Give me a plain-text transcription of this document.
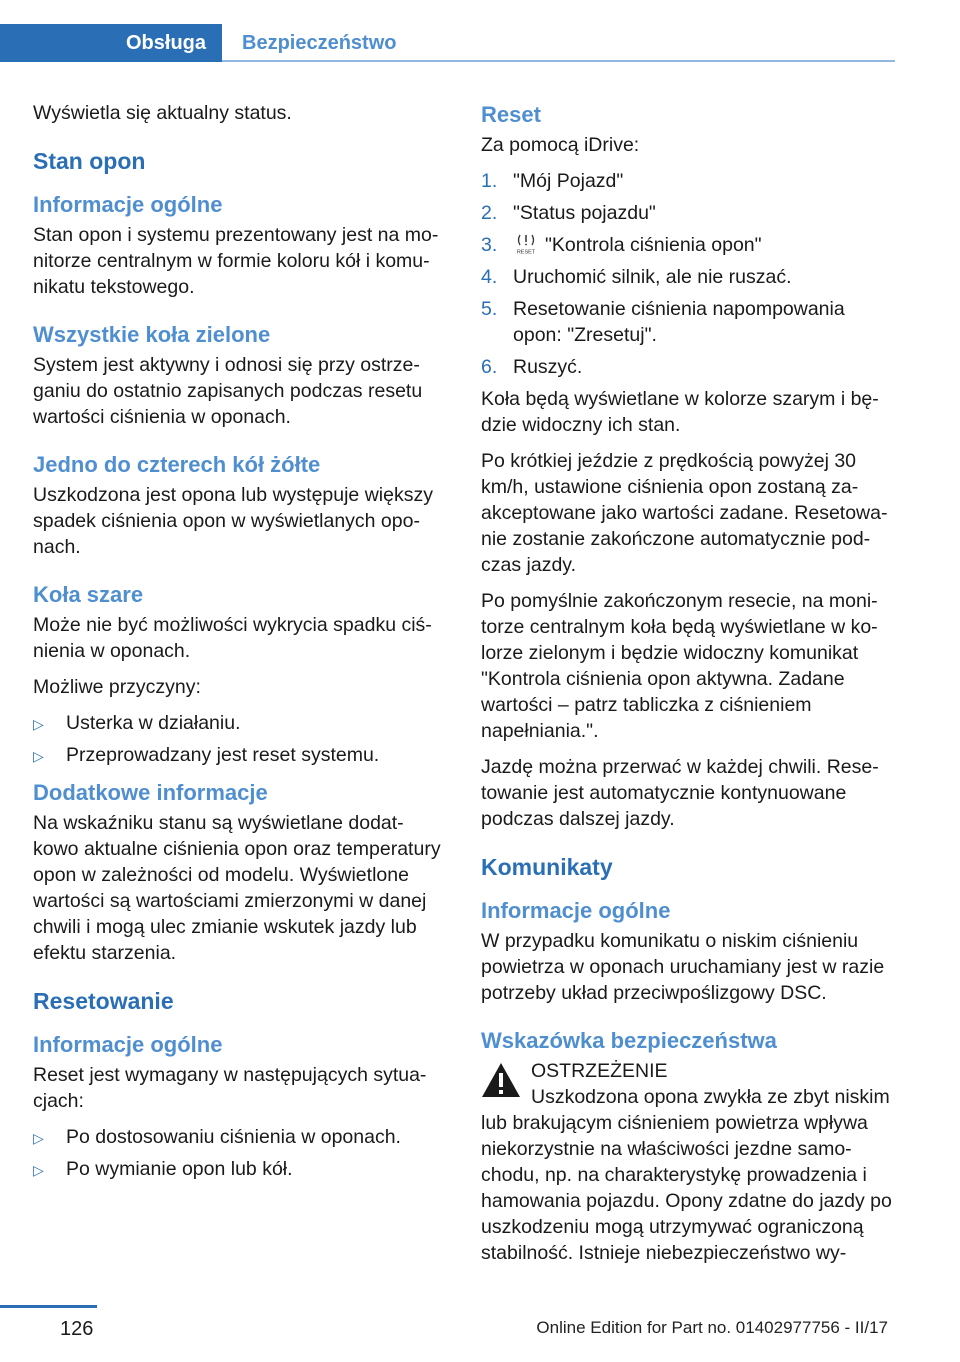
Obsługa	Bezpieczeństwo

Wyświetla się aktualny status.

Stan opon
Informacje ogólne

Stan opon i systemu prezentowany jest na mo- nitorze centralnym w formie koloru kół i komu- nikatu tekstowego.

Wszystkie koła zielone

System jest aktywny i odnosi się przy ostrze- ganiu do ostatnio zapisanych podczas resetu wartości ciśnienia w oponach.

Jedno do czterech kół żółte

Uszkodzona jest opona lub występuje większy spadek ciśnienia opon w wyświetlanych opo- nach.

Koła szare

Może nie być możliwości wykrycia spadku ciś- nienia w oponach.

Możliwe przyczyny:

▷ Usterka w działaniu.
▷ Przeprowadzany jest reset systemu.
Dodatkowe informacje

Na wskaźniku stanu są wyświetlane dodat- kowo aktualne ciśnienia opon oraz temperatury opon w zależności od modelu. Wyświetlone wartości są wartościami zmierzonymi w danej chwili i mogą ulec zmianie wskutek jazdy lub efektu starzenia.

Resetowanie
Informacje ogólne

Reset jest wymagany w następujących sytua- cjach:

▷ Po dostosowaniu ciśnienia w oponach.
▷ Po wymianie opon lub kół.
Reset

Za pomocą iDrive:

1. "Mój Pojazd"
2. "Status pojazdu"
3.	RESET "Kontrola ciśnienia opon"
4. Uruchomić silnik, ale nie ruszać.
5. Resetowanie ciśnienia napompowania opon: "Zresetuj".
6. Ruszyć.

Koła będą wyświetlane w kolorze szarym i bę- dzie widoczny ich stan.

Po krótkiej jeździe z prędkością powyżej 30 km/h, ustawione ciśnienia opon zostaną za- akceptowane jako wartości zadane. Resetowa- nie zostanie zakończone automatycznie pod- czas jazdy.

Po pomyślnie zakończonym resecie, na moni- torze centralnym koła będą wyświetlane w ko- lorze zielonym i będzie widoczny komunikat "Kontrola ciśnienia opon aktywna. Zadane wartości – patrz tabliczka z ciśnieniem napełniania.".

Jazdę można przerwać w każdej chwili. Rese- towanie jest automatycznie kontynuowane podczas dalszej jazdy.

Komunikaty
Informacje ogólne

W przypadku komunikatu o niskim ciśnieniu powietrza w oponach uruchamiany jest w razie potrzeby układ przeciwpoślizgowy DSC.

Wskazówka bezpieczeństwa

OSTRZEŻENIE

Uszkodzona opona zwykła ze zbyt niskim
lub brakującym ciśnieniem powietrza wpływa niekorzystnie na właściwości jezdne samo- chodu, np. na charakterystykę prowadzenia i hamowania pojazdu. Opony zdatne do jazdy po uszkodzeniu mogą utrzymywać ograniczoną stabilność. Istnieje niebezpieczeństwo wy-

126	Online Edition for Part no. 01402977756 - II/17
